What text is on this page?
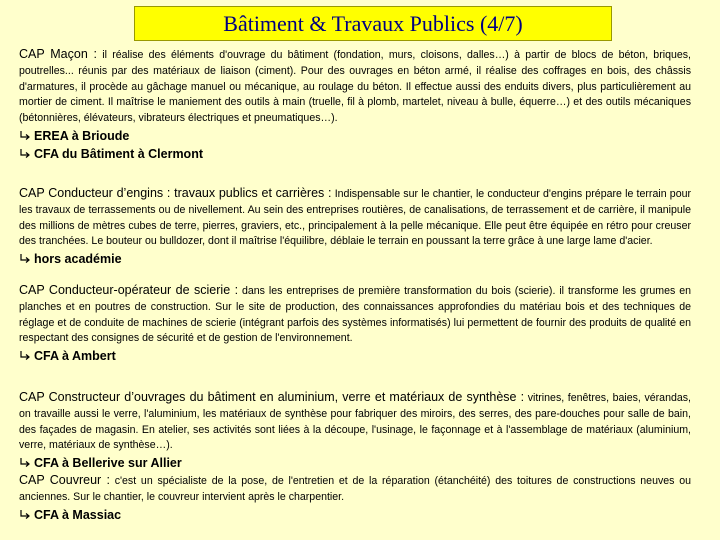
Bâtiment & Travaux Publics (4/7)

CAP Maçon : il réalise des éléments d'ouvrage du bâtiment (fondation, murs, cloisons, dalles…) à partir de blocs de béton, briques, poutrelles... réunis par des matériaux de liaison (ciment). Pour des ouvrages en béton armé, il réalise des coffrages en bois, des châssis d'armatures, il procède au gâchage manuel ou mécanique, au roulage du béton. Il effectue aussi des enduits divers, plus particulièrement au mortier de ciment. Il maîtrise le maniement des outils à main (truelle, fil à plomb, martelet, niveau à bulle, équerre…) et des outils mécaniques (bétonnières, élévateurs, vibrateurs électriques et pneumatiques…).

EREA à Brioude
CFA du Bâtiment à Clermont

CAP Conducteur d’engins : travaux publics et carrières : Indispensable sur le chantier, le conducteur d'engins prépare le terrain pour les travaux de terrassements ou de nivellement. Au sein des entreprises routières, de canalisations, de terrassement et de carrière, il manipule des millions de mètres cubes de terre, pierres, graviers, etc., principalement à la pelle mécanique. Elle peut être équipée en rétro pour creuser des tranchées. Le bouteur ou bulldozer, dont il maîtrise l'équilibre, déblaie le terrain en poussant la terre grâce à une large lame d'acier.

hors académie

CAP Conducteur-opérateur de scierie : dans les entreprises de première transformation du bois (scierie). il transforme les grumes en planches et en poutres de construction. Sur le site de production, des connaissances approfondies du matériau bois et des techniques de réglage et de conduite de machines de scierie (intégrant parfois des systèmes informatisés) lui permettent de fournir des produits de qualité en respectant des consignes de sécurité et de gestion de l'environnement.

CFA à Ambert

CAP Constructeur d’ouvrages du bâtiment en aluminium, verre et matériaux de synthèse : vitrines, fenêtres, baies, vérandas, on travaille aussi le verre, l'aluminium, les matériaux de synthèse pour fabriquer des miroirs, des serres, des pare-douches pour salle de bain, des façades de magasin. En atelier, ses activités sont liées à la découpe, l'usinage, le façonnage et à l'assemblage de matériaux (aluminium, verre, matériaux de synthèse…).

CFA à Bellerive sur Allier

CAP Couvreur : c'est un spécialiste de la pose, de l'entretien et de la réparation (étanchéité) des toitures de constructions neuves ou anciennes. Sur le chantier, le couvreur intervient après le charpentier.

CFA à Massiac
